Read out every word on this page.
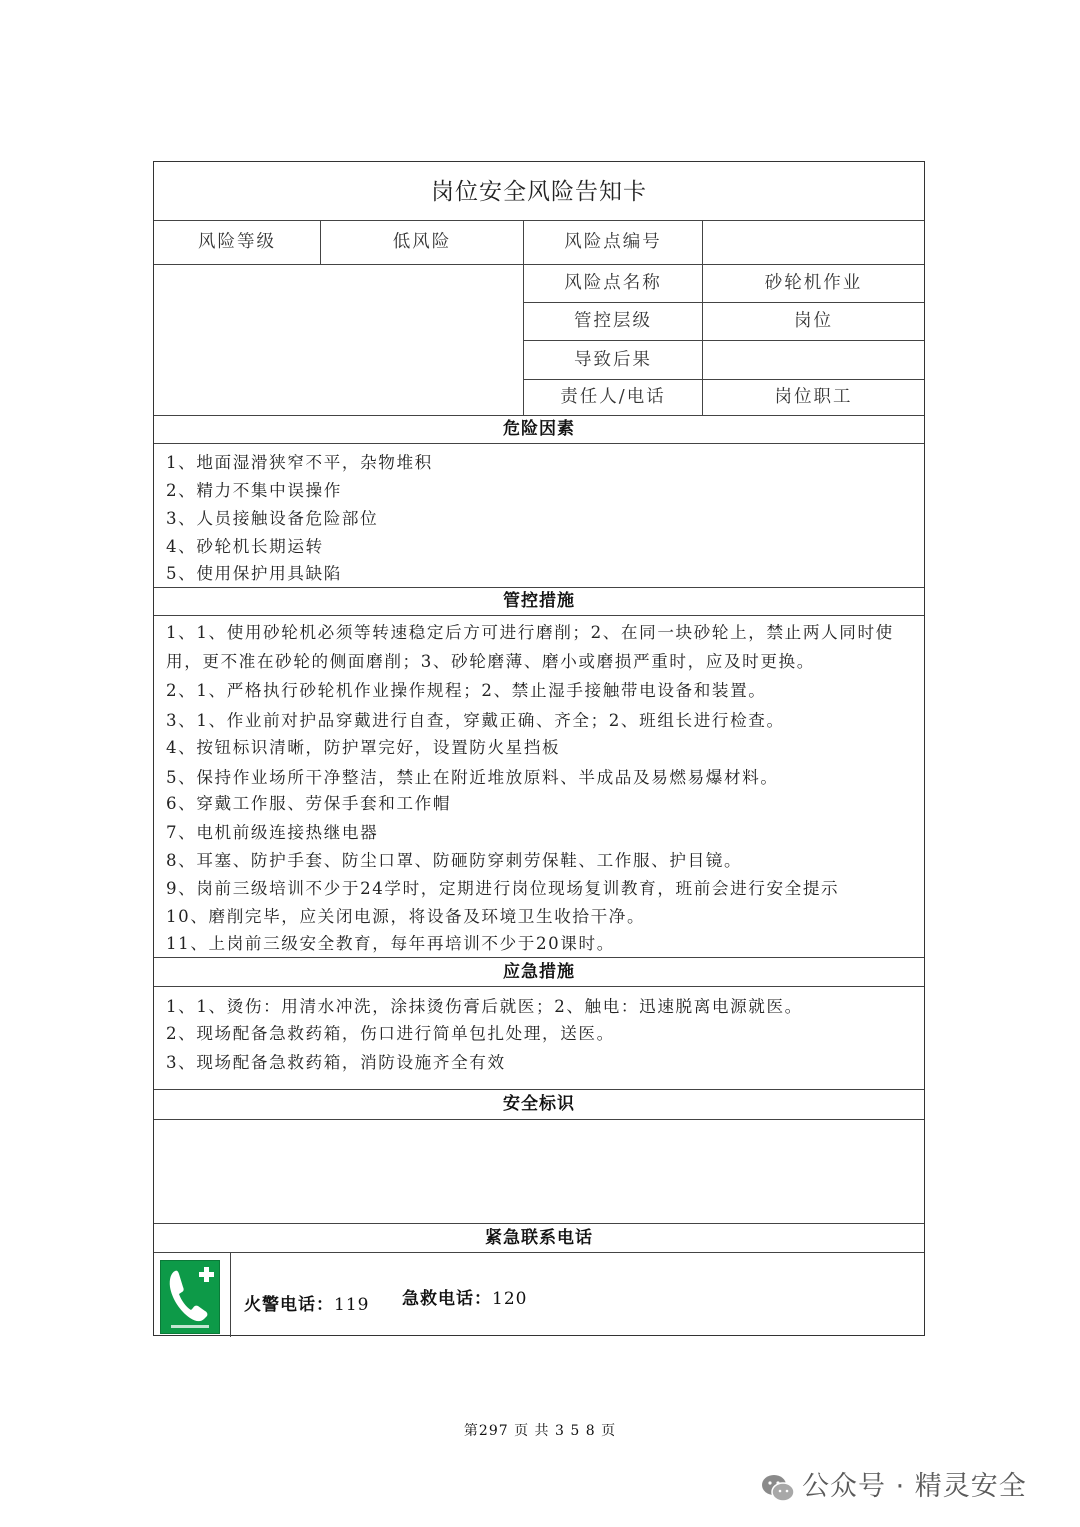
岗位安全风险告知卡
风险等级	低风险	风险点编号
风险点名称	砂轮机作业
管控层级	岗位
导致后果
责任人/电话	岗位职工
危险因素
1、地面湿滑狭窄不平，杂物堆积
2、精力不集中误操作
3、人员接触设备危险部位
4、砂轮机长期运转
5、使用保护用具缺陷
管控措施
1、1、使用砂轮机必须等转速稳定后方可进行磨削；2、在同一块砂轮上，禁止两人同时使用，更不准在砂轮的侧面磨削；3、砂轮磨薄、磨小或磨损严重时，应及时更换。
2、1、严格执行砂轮机作业操作规程；2、禁止湿手接触带电设备和装置。
3、1、作业前对护品穿戴进行自查，穿戴正确、齐全；2、班组长进行检查。
4、按钮标识清晰，防护罩完好，设置防火星挡板
5、保持作业场所干净整洁，禁止在附近堆放原料、半成品及易燃易爆材料。
6、穿戴工作服、劳保手套和工作帽
7、电机前级连接热继电器
8、耳塞、防护手套、防尘口罩、防砸防穿刺劳保鞋、工作服、护目镜。
9、岗前三级培训不少于24学时，定期进行岗位现场复训教育，班前会进行安全提示
10、磨削完毕，应关闭电源，将设备及环境卫生收拾干净。
11、上岗前三级安全教育，每年再培训不少于20课时。
应急措施
1、1、烫伤：用清水冲洗，涂抹烫伤膏后就医；2、触电：迅速脱离电源就医。
2、现场配备急救药箱，伤口进行简单包扎处理，送医。
3、现场配备急救药箱，消防设施齐全有效
安全标识
紧急联系电话
火警电话：119 急救电话：120
第297 页 共 3 5 8 页
公众号 · 精灵安全
